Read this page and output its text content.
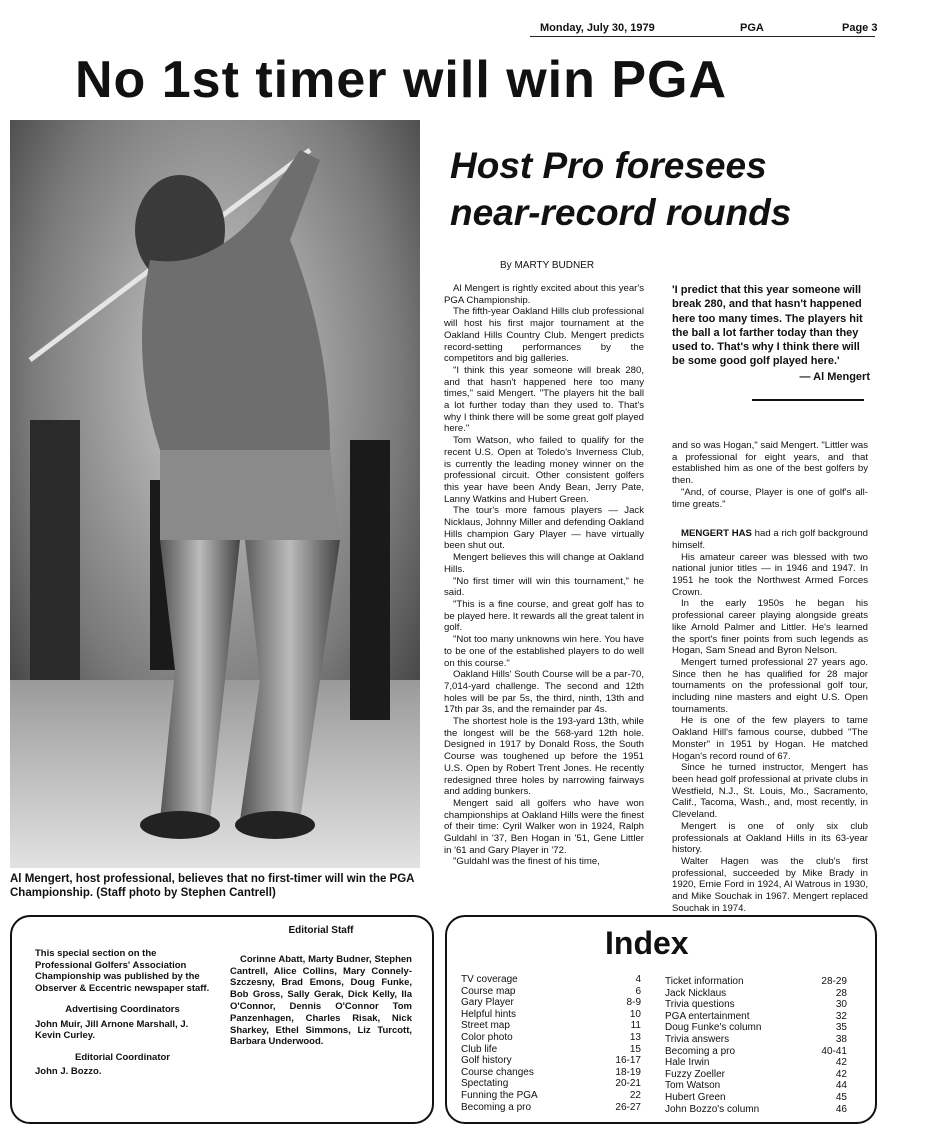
Monday, July 30, 1979	PGA	Page 3
No 1st timer will win PGA
Al Mengert, host professional, believes that no first-timer will win the PGA Championship. (Staff photo by Stephen Cantrell)
Host Pro foresees
near-record rounds
By MARTY BUDNER

Al Mengert is rightly excited about this year's PGA Championship.

The fifth-year Oakland Hills club professional will host his first major tournament at the Oakland Hills Country Club. Mengert predicts record-setting performances by the competitors and big galleries.

"I think this year someone will break 280, and that hasn't happened here too many times," said Mengert. "The players hit the ball a lot further today than they used to. That's why I think there will be some great golf played here."

Tom Watson, who failed to qualify for the recent U.S. Open at Toledo's Inverness Club, is currently the leading money winner on the professional circuit. Other consistent golfers this year have been Andy Bean, Jerry Pate, Lanny Watkins and Hubert Green.

The tour's more famous players — Jack Nicklaus, Johnny Miller and defending Oakland Hills champion Gary Player — have virtually been shut out.

Mengert believes this will change at Oakland Hills.

"No first timer will win this tournament," he said.

"This is a fine course, and great golf has to be played here. It rewards all the great talent in golf.

"Not too many unknowns win here. You have to be one of the established players to do well on this course."

Oakland Hills' South Course will be a par-70, 7,014-yard challenge. The second and 12th holes will be par 5s, the third, ninth, 13th and 17th par 3s, and the remainder par 4s.

The shortest hole is the 193-yard 13th, while the longest will be the 568-yard 12th hole. Designed in 1917 by Donald Ross, the South Course was toughened up before the 1951 U.S. Open by Robert Trent Jones. He recently redesigned three holes by narrowing fairways and adding bunkers.

Mengert said all golfers who have won championships at Oakland Hills were the finest of their time: Cyril Walker won in 1924, Ralph Guldahl in '37, Ben Hogan in '51, Gene Littler in '61 and Gary Player in '72.

"Guldahl was the finest of his time,

'I predict that this year someone will break 280, and that hasn't happened here too many times. The players hit the ball a lot farther today than they used to. That's why I think there will be some good golf played here.'
— Al Mengert

and so was Hogan," said Mengert. "Littler was a professional for eight years, and that established him as one of the best golfers by then.

"And, of course, Player is one of golf's all-time greats."

MENGERT HAS had a rich golf background himself.

His amateur career was blessed with two national junior titles — in 1946 and 1947. In 1951 he took the Northwest Armed Forces Crown.

In the early 1950s he began his professional career playing alongside greats like Arnold Palmer and Littler. He's learned the sport's finer points from such legends as Hogan, Sam Snead and Byron Nelson.

Mengert turned professional 27 years ago. Since then he has qualified for 28 major tournaments on the professional golf tour, including nine masters and eight U.S. Open tournaments.

He is one of the few players to tame Oakland Hill's famous course, dubbed "The Monster" in 1951 by Hogan. He matched Hogan's record round of 67.

Since he turned instructor, Mengert has been head golf professional at private clubs in Westfield, N.J., St. Louis, Mo., Sacramento, Calif., Tacoma, Wash., and, most recently, in Cleveland.

Mengert is one of only six club professionals at Oakland Hills in its 63-year history.

Walter Hagen was the club's first professional, succeeded by Mike Brady in 1920, Ernie Ford in 1924, Al Watrous in 1930, and Mike Souchak in 1967. Mengert replaced Souchak in 1974.

This special section on the Professional Golfers' Association Championship was published by the Observer & Eccentric newspaper staff.
Advertising Coordinators
John Muir, Jill Arnone Marshall, J. Kevin Curley.
Editorial Coordinator
John J. Bozzo.
Editorial Staff
Corinne Abatt, Marty Budner, Stephen Cantrell, Alice Collins, Mary Connely-Szczesny, Brad Emons, Doug Funke, Bob Gross, Sally Gerak, Dick Kelly, Ila O'Connor, Dennis O'Connor Tom Panzenhagen, Charles Risak, Nick Sharkey, Ethel Simmons, Liz Turcott, Barbara Underwood.
Index
TV coverage	4
Course map	6
Gary Player	8-9
Helpful hints	10
Street map	11
Color photo	13
Club life	15
Golf history	16-17
Course changes	18-19
Spectating	20-21
Funning the PGA	22
Becoming a pro	26-27
Ticket information	28-29
Jack Nicklaus	28
Trivia questions	30
PGA entertainment	32
Doug Funke's column	35
Trivia answers	38
Becoming a pro	40-41
Hale Irwin	42
Fuzzy Zoeller	42
Tom Watson	44
Hubert Green	45
John Bozzo's column	46
